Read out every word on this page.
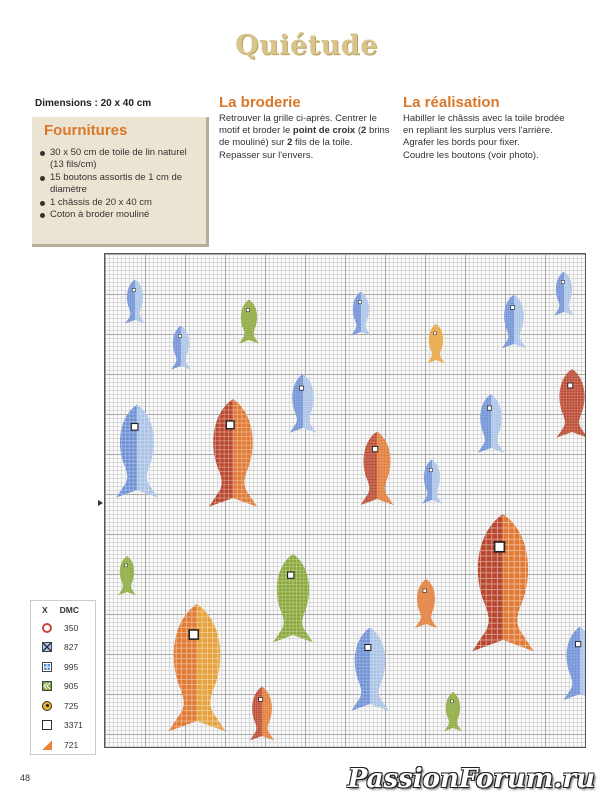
Quiétude
Dimensions : 20 x 40 cm
Fournitures
30 x 50 cm de toile de lin naturel (13 fils/cm)
15 boutons assortis de 1 cm de diamètre
1 châssis de 20 x 40 cm
Coton à broder mouliné
La broderie
Retrouver la grille ci-après. Centrer le motif et broder le point de croix (2 brins de mouliné) sur 2 fils de la toile. Repasser sur l'envers.
La réalisation
Habiller le châssis avec la toile brodée en repliant les surplus vers l'arrière. Agrafer les bords pour fixer.
Coudre les boutons (voir photo).
X DMC
350
827
995
905
725
3371
721
48	PassionForum.ru
